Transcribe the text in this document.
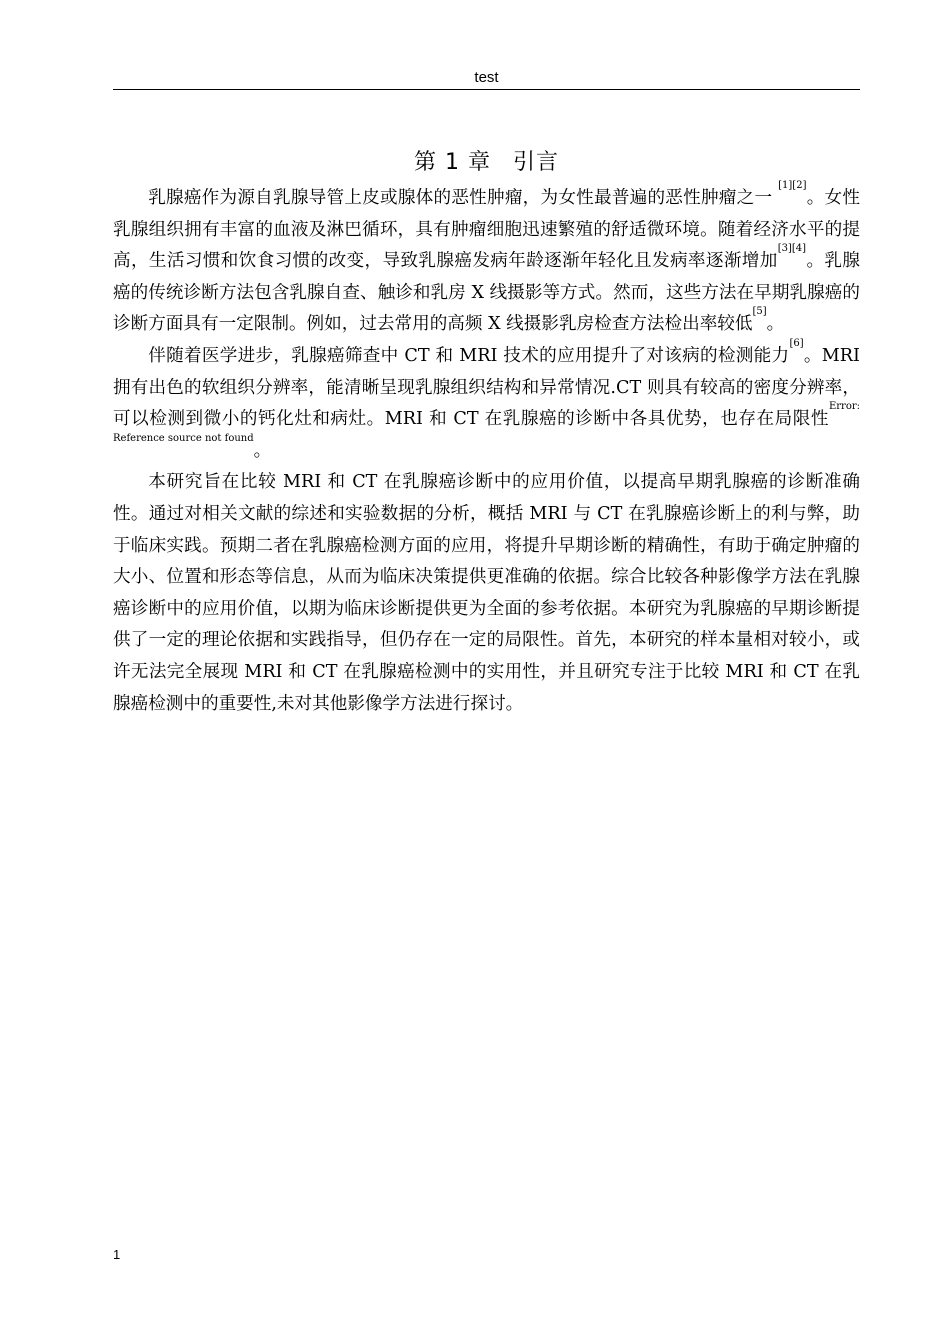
test
第 1 章 引言

乳腺癌作为源自乳腺导管上皮或腺体的恶性肿瘤，为女性最普遍的恶性肿瘤之一 [1][2]。女性乳腺组织拥有丰富的血液及淋巴循环，具有肿瘤细胞迅速繁殖的舒适微环境。随着经济水平的提高，生活习惯和饮食习惯的改变，导致乳腺癌发病年龄逐渐年轻化且发病率逐渐增加[3][4]。乳腺癌的传统诊断方法包含乳腺自查、触诊和乳房 X 线摄影等方式。然而，这些方法在早期乳腺癌的诊断方面具有一定限制。例如，过去常用的高频 X 线摄影乳房检查方法检出率较低[5]。

伴随着医学进步，乳腺癌筛查中 CT 和 MRI 技术的应用提升了对该病的检测能力[6]。MRI 拥有出色的软组织分辨率，能清晰呈现乳腺组织结构和异常情况.CT 则具有较高的密度分辨率，可以检测到微小的钙化灶和病灶。MRI 和 CT 在乳腺癌的诊断中各具优势，也存在局限性$^{Error: Reference source not found}$。

本研究旨在比较 MRI 和 CT 在乳腺癌诊断中的应用价值，以提高早期乳腺癌的诊断准确性。通过对相关文献的综述和实验数据的分析，概括 MRI 与 CT 在乳腺癌诊断上的利与弊，助于临床实践。预期二者在乳腺癌检测方面的应用，将提升早期诊断的精确性，有助于确定肿瘤的大小、位置和形态等信息，从而为临床决策提供更准确的依据。综合比较各种影像学方法在乳腺癌诊断中的应用价值，以期为临床诊断提供更为全面的参考依据。本研究为乳腺癌的早期诊断提供了一定的理论依据和实践指导，但仍存在一定的局限性。首先，本研究的样本量相对较小，或许无法完全展现 MRI 和 CT 在乳腺癌检测中的实用性，并且研究专注于比较 MRI 和 CT 在乳腺癌检测中的重要性,未对其他影像学方法进行探讨。

1
